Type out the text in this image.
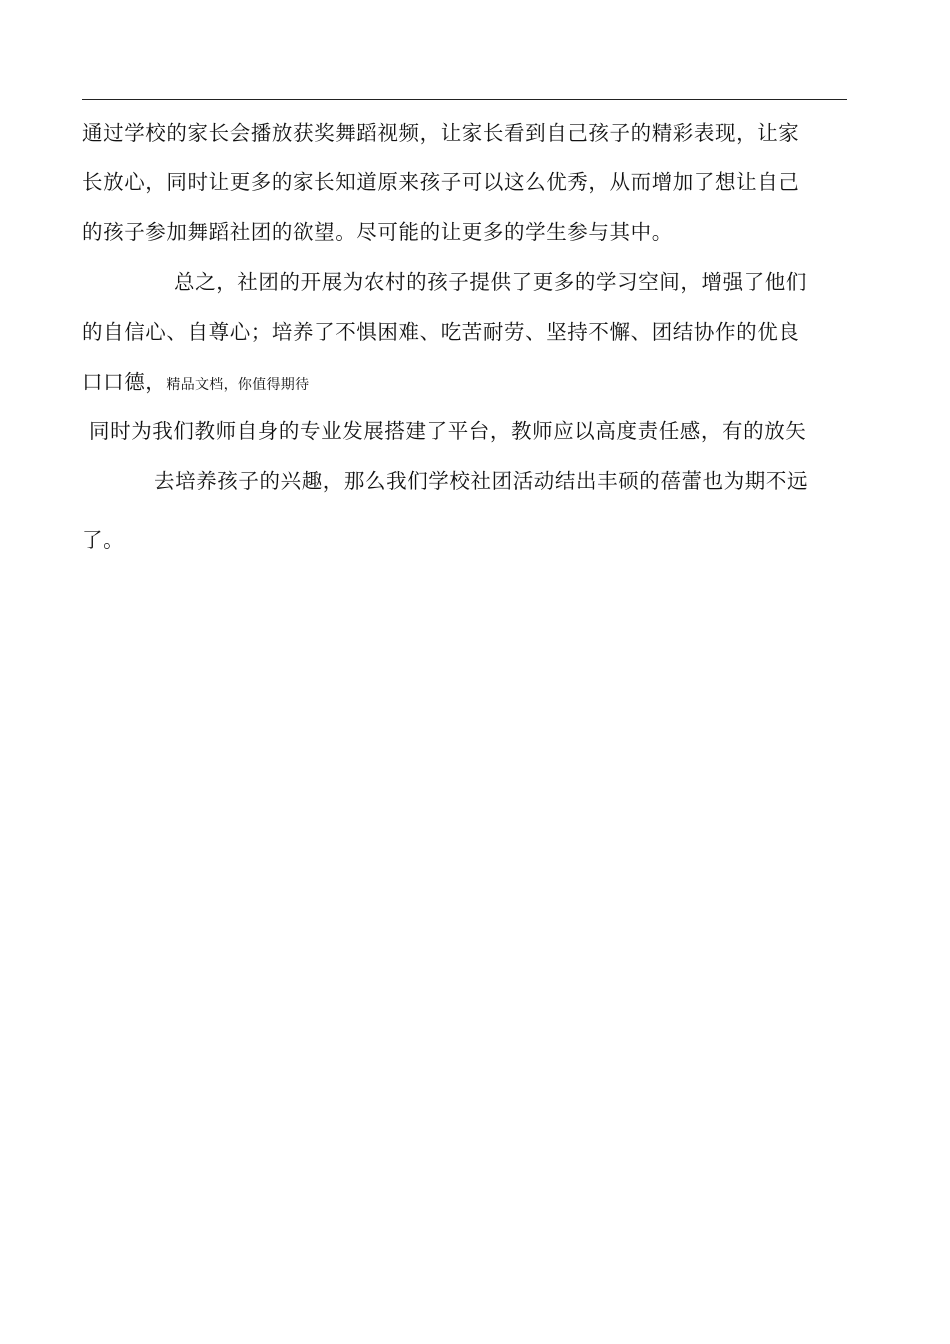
通过学校的家长会播放获奖舞蹈视频，让家长看到自己孩子的精彩表现，让家
长放心，同时让更多的家长知道原来孩子可以这么优秀，从而增加了想让自己
的孩子参加舞蹈社团的欲望。尽可能的让更多的学生参与其中。
总之，社团的开展为农村的孩子提供了更多的学习空间，增强了他们
的自信心、自尊心；培养了不惧困难、吃苦耐劳、坚持不懈、团结协作的优良
口口德，精品文档，你值得期待
同时为我们教师自身的专业发展搭建了平台，教师应以高度责任感，有的放矢
去培养孩子的兴趣，那么我们学校社团活动结出丰硕的蓓蕾也为期不远
了。
